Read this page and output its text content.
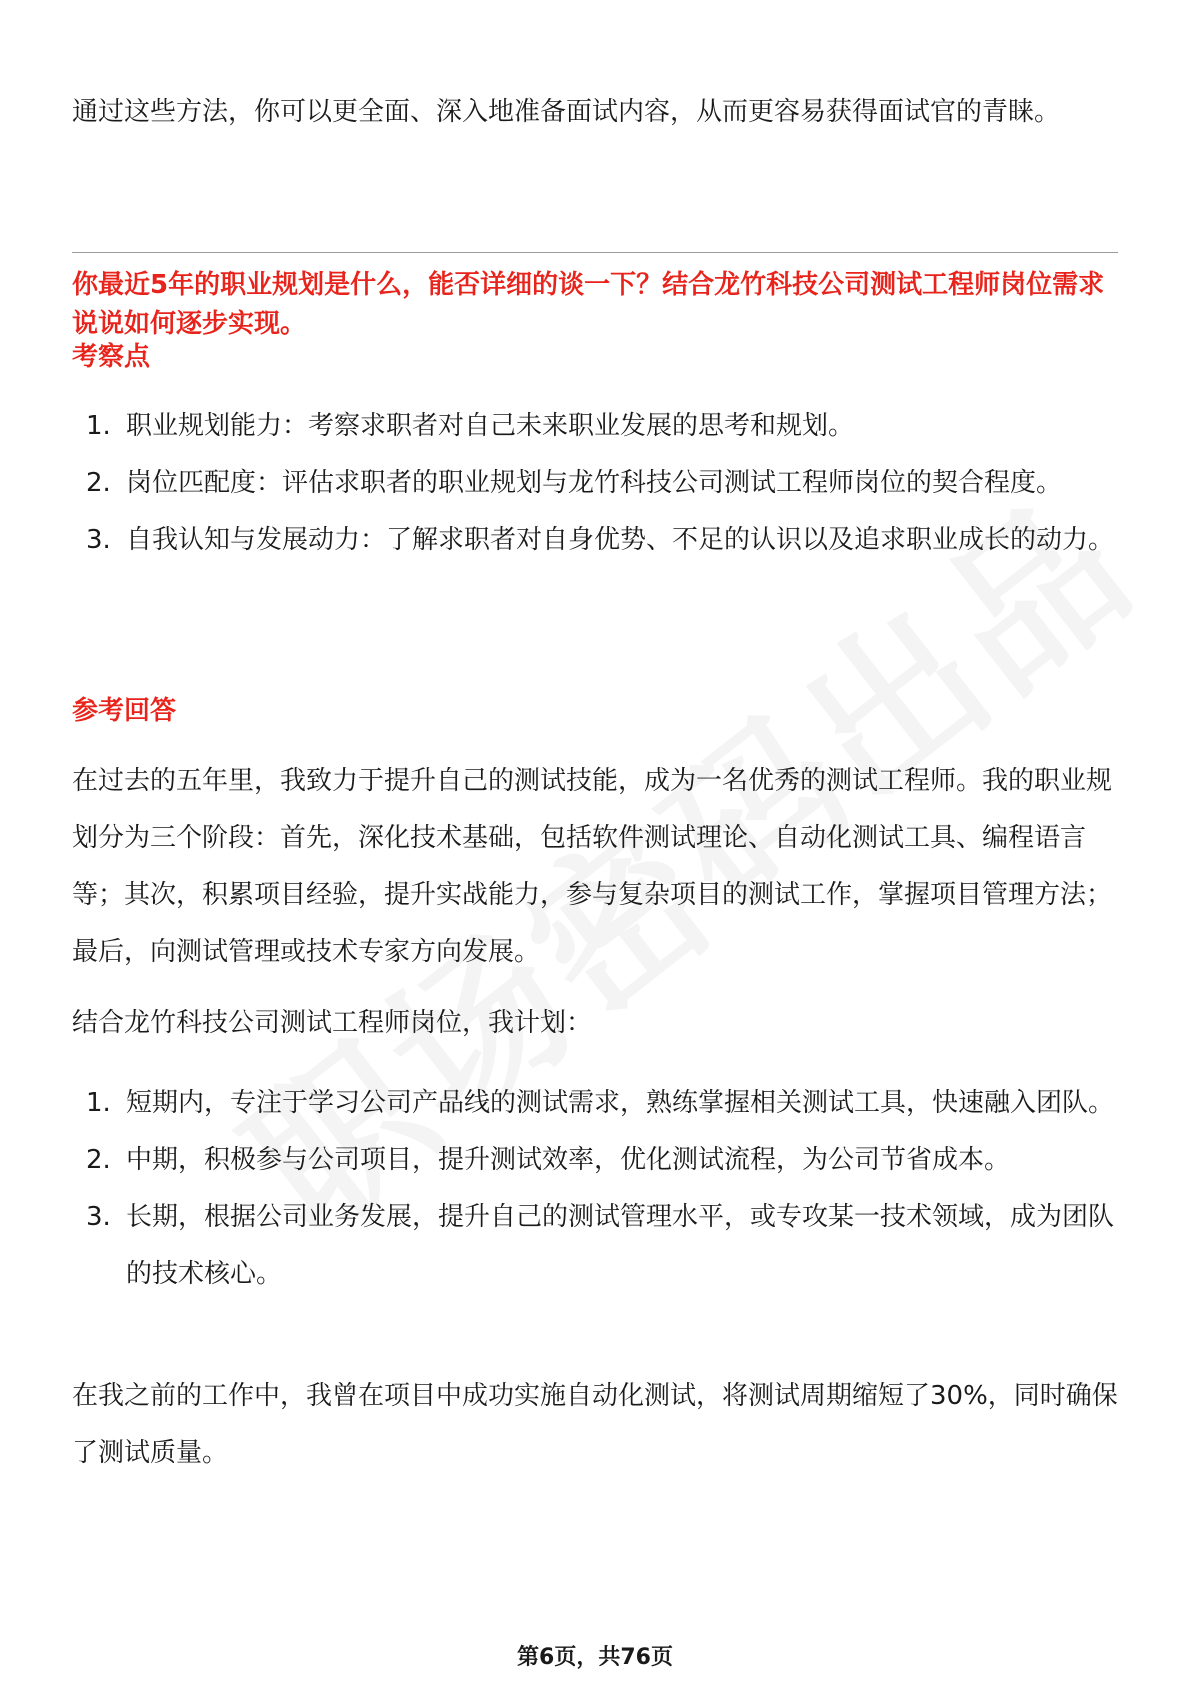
通过这些方法，你可以更全面、深入地准备面试内容，从而更容易获得面试官的青睐。

你最近5年的职业规划是什么，能否详细的谈一下？结合龙竹科技公司测试工程师岗位需求说说如何逐步实现。

考察点

1. 职业规划能力：考察求职者对自己未来职业发展的思考和规划。
2. 岗位匹配度：评估求职者的职业规划与龙竹科技公司测试工程师岗位的契合程度。
3. 自我认知与发展动力：了解求职者对自身优势、不足的认识以及追求职业成长的动力。

参考回答

在过去的五年里，我致力于提升自己的测试技能，成为一名优秀的测试工程师。我的职业规划分为三个阶段：首先，深化技术基础，包括软件测试理论、自动化测试工具、编程语言等；其次，积累项目经验，提升实战能力，参与复杂项目的测试工作，掌握项目管理方法；最后，向测试管理或技术专家方向发展。

结合龙竹科技公司测试工程师岗位，我计划：

1. 短期内，专注于学习公司产品线的测试需求，熟练掌握相关测试工具，快速融入团队。
2. 中期，积极参与公司项目，提升测试效率，优化测试流程，为公司节省成本。
3. 长期，根据公司业务发展，提升自己的测试管理水平，或专攻某一技术领域，成为团队的技术核心。

在我之前的工作中，我曾在项目中成功实施自动化测试，将测试周期缩短了30%，同时确保了测试质量。

第6页，共76页
